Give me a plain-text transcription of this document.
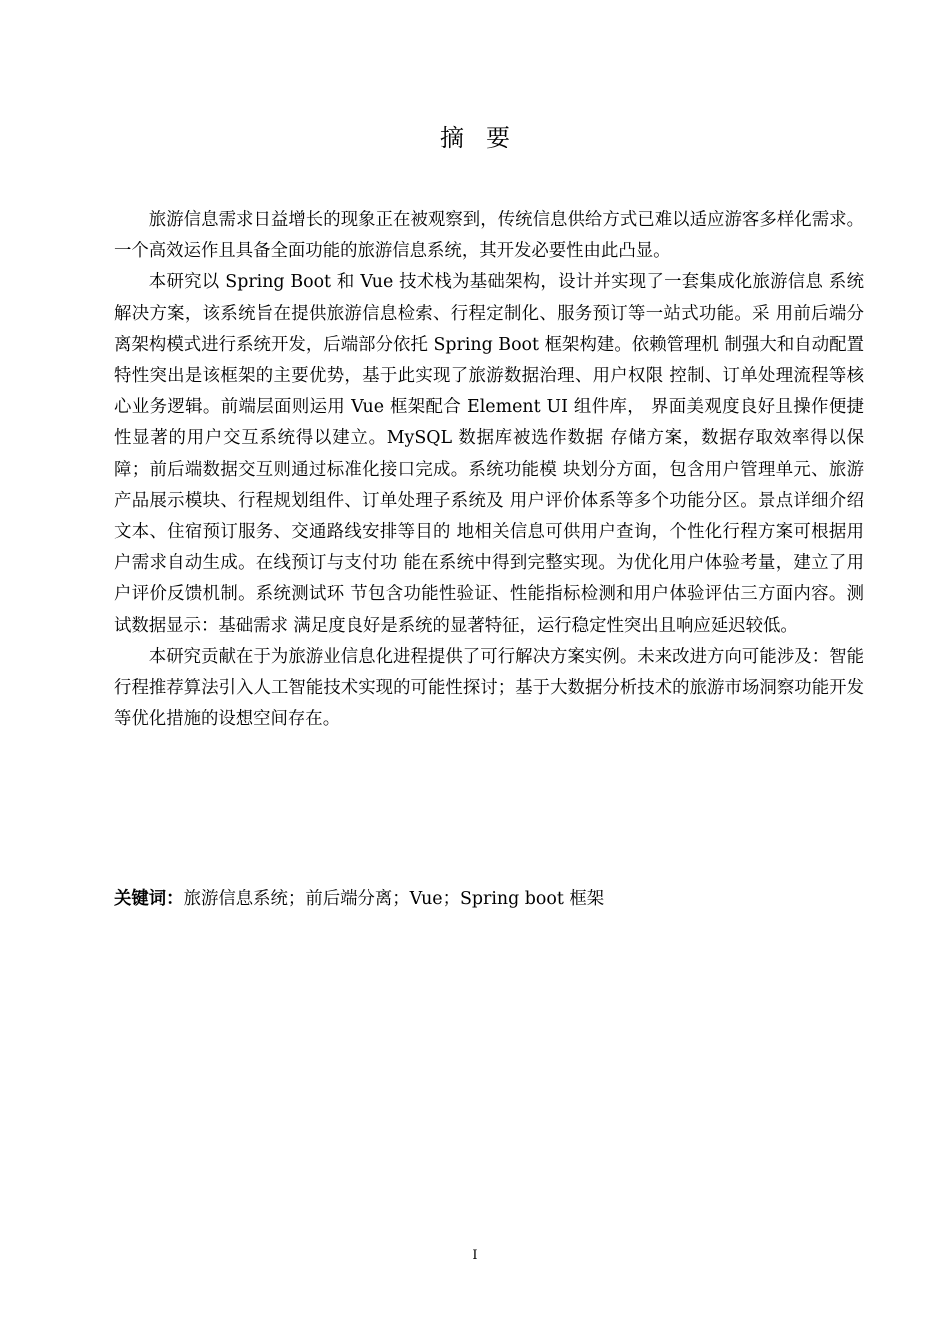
摘要

旅游信息需求日益增长的现象正在被观察到，传统信息供给方式已难以适应游客多样化需求。一个高效运作且具备全面功能的旅游信息系统，其开发必要性由此凸显。

本研究以 Spring Boot 和 Vue 技术栈为基础架构，设计并实现了一套集成化旅游信息 系统解决方案，该系统旨在提供旅游信息检索、行程定制化、服务预订等一站式功能。采 用前后端分离架构模式进行系统开发，后端部分依托 Spring Boot 框架构建。依赖管理机 制强大和自动配置特性突出是该框架的主要优势，基于此实现了旅游数据治理、用户权限 控制、订单处理流程等核心业务逻辑。前端层面则运用 Vue 框架配合 Element UI 组件库， 界面美观度良好且操作便捷性显著的用户交互系统得以建立。MySQL 数据库被选作数据 存储方案，数据存取效率得以保障；前后端数据交互则通过标准化接口完成。系统功能模 块划分方面，包含用户管理单元、旅游产品展示模块、行程规划组件、订单处理子系统及 用户评价体系等多个功能分区。景点详细介绍文本、住宿预订服务、交通路线安排等目的 地相关信息可供用户查询，个性化行程方案可根据用户需求自动生成。在线预订与支付功 能在系统中得到完整实现。为优化用户体验考量，建立了用户评价反馈机制。系统测试环 节包含功能性验证、性能指标检测和用户体验评估三方面内容。测试数据显示：基础需求 满足度良好是系统的显著特征，运行稳定性突出且响应延迟较低。

本研究贡献在于为旅游业信息化进程提供了可行解决方案实例。未来改进方向可能涉及：智能行程推荐算法引入人工智能技术实现的可能性探讨；基于大数据分析技术的旅游市场洞察功能开发等优化措施的设想空间存在。

关键词：旅游信息系统；前后端分离；Vue；Spring boot 框架
I
